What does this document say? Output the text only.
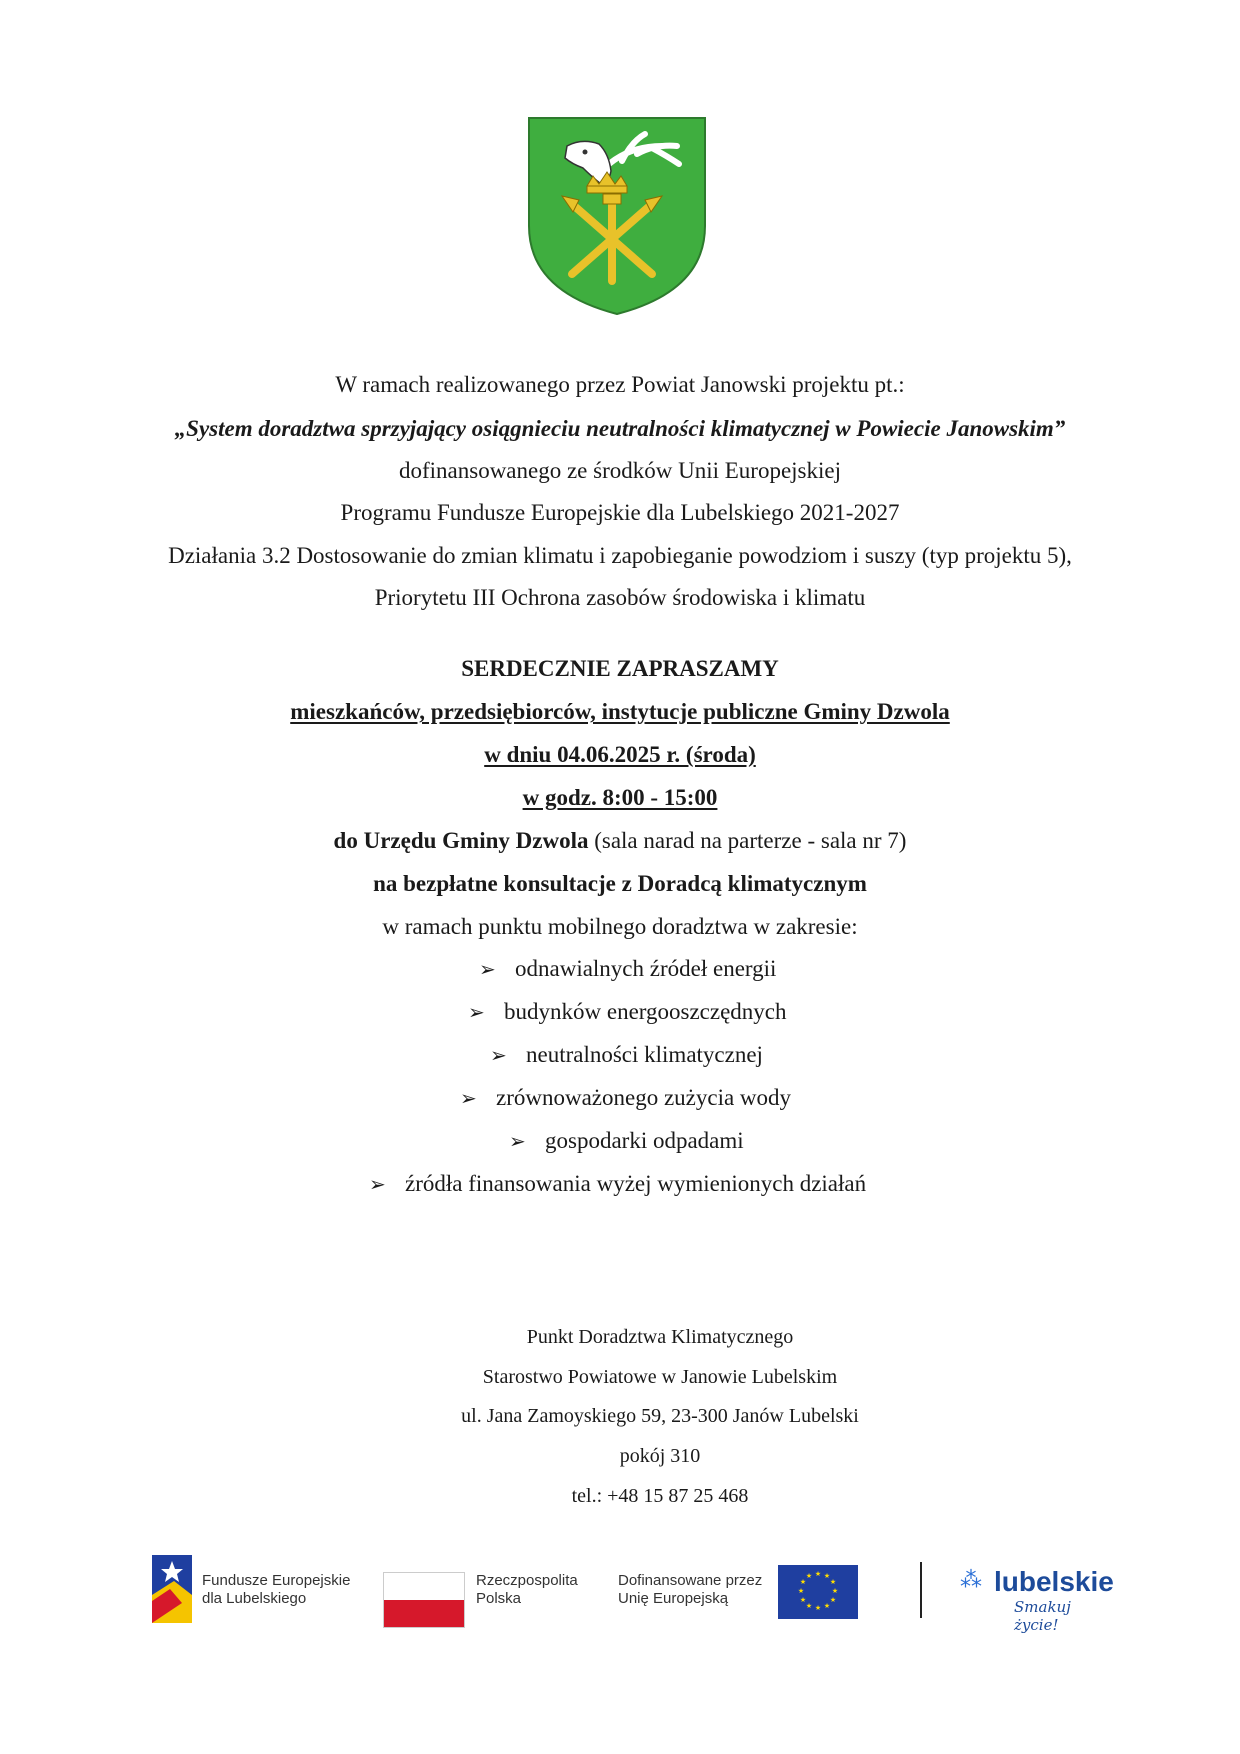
W ramach realizowanego przez Powiat Janowski projektu pt.:
„System doradztwa sprzyjający osiągnieciu neutralności klimatycznej w Powiecie Janowskim”
dofinansowanego ze środków Unii Europejskiej
Programu Fundusze Europejskie dla Lubelskiego 2021-2027
Działania 3.2 Dostosowanie do zmian klimatu i zapobieganie powodziom i suszy (typ projektu 5),
Priorytetu III Ochrona zasobów środowiska i klimatu
SERDECZNIE ZAPRASZAMY
mieszkańców, przedsiębiorców, instytucje publiczne Gminy Dzwola
w dniu 04.06.2025 r. (środa)
w godz. 8:00 - 15:00
do Urzędu Gminy Dzwola (sala narad na parterze - sala nr 7)
na bezpłatne konsultacje z Doradcą klimatycznym
w ramach punktu mobilnego doradztwa w zakresie:
➢ odnawialnych źródeł energii
➢ budynków energooszczędnych
➢ neutralności klimatycznej
➢ zrównoważonego zużycia wody
➢ gospodarki odpadami
➢ źródła finansowania wyżej wymienionych działań
Punkt Doradztwa Klimatycznego
Starostwo Powiatowe w Janowie Lubelskim
ul. Jana Zamoyskiego 59, 23-300 Janów Lubelski
pokój 310
tel.: +48 15 87 25 468
Fundusze Europejskie
dla Lubelskiego
Rzeczpospolita
Polska
Dofinansowane przez
Unię Europejską
★ ★
★
★
★
★
★
★
★
★
★
★	⁂ lubelskie
Smakuj życie!
